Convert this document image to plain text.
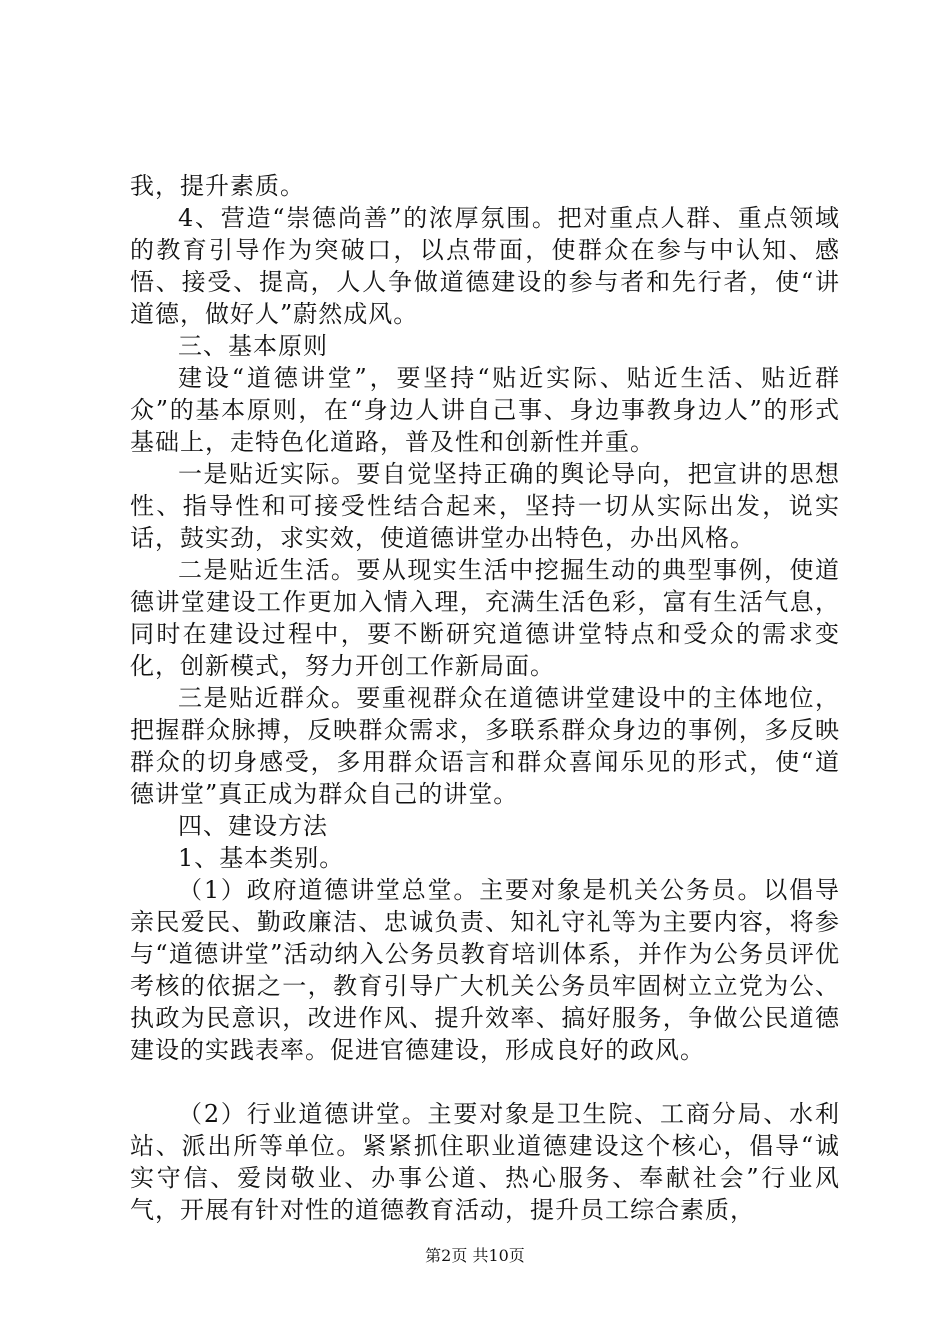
我，提升素质。

4、营造“崇德尚善”的浓厚氛围。把对重点人群、重点领域的教育引导作为突破口，以点带面，使群众在参与中认知、感悟、接受、提高，人人争做道德建设的参与者和先行者，使“讲道德，做好人”蔚然成风。

三、基本原则

建设“道德讲堂”，要坚持“贴近实际、贴近生活、贴近群众”的基本原则，在“身边人讲自己事、身边事教身边人”的形式基础上，走特色化道路，普及性和创新性并重。

一是贴近实际。要自觉坚持正确的舆论导向，把宣讲的思想性、指导性和可接受性结合起来，坚持一切从实际出发，说实话，鼓实劲，求实效，使道德讲堂办出特色，办出风格。

二是贴近生活。要从现实生活中挖掘生动的典型事例，使道德讲堂建设工作更加入情入理，充满生活色彩，富有生活气息，同时在建设过程中，要不断研究道德讲堂特点和受众的需求变化，创新模式，努力开创工作新局面。

三是贴近群众。要重视群众在道德讲堂建设中的主体地位，把握群众脉搏，反映群众需求，多联系群众身边的事例，多反映群众的切身感受，多用群众语言和群众喜闻乐见的形式，使“道德讲堂”真正成为群众自己的讲堂。

四、建设方法

1、基本类别。

（1）政府道德讲堂总堂。主要对象是机关公务员。以倡导亲民爱民、勤政廉洁、忠诚负责、知礼守礼等为主要内容，将参与“道德讲堂”活动纳入公务员教育培训体系，并作为公务员评优考核的依据之一，教育引导广大机关公务员牢固树立立党为公、执政为民意识，改进作风、提升效率、搞好服务，争做公民道德建设的实践表率。促进官德建设，形成良好的政风。

（2）行业道德讲堂。主要对象是卫生院、工商分局、水利站、派出所等单位。紧紧抓住职业道德建设这个核心，倡导“诚实守信、爱岗敬业、办事公道、热心服务、奉献社会”行业风气，开展有针对性的道德教育活动，提升员工综合素质，

第2页 共10页
